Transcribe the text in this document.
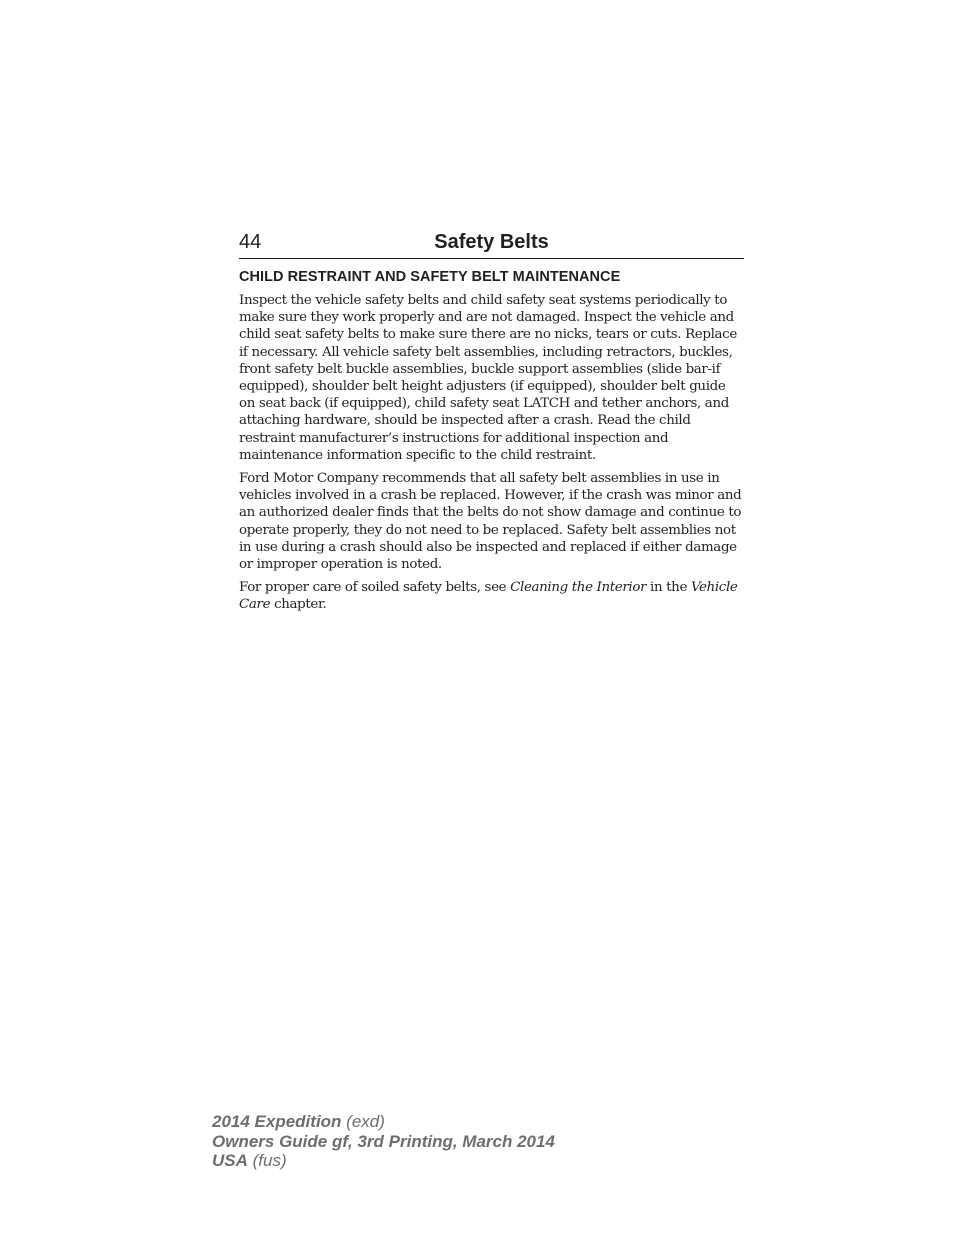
44	Safety Belts
CHILD RESTRAINT AND SAFETY BELT MAINTENANCE

Inspect the vehicle safety belts and child safety seat systems periodically to make sure they work properly and are not damaged. Inspect the vehicle and child seat safety belts to make sure there are no nicks, tears or cuts. Replace if necessary. All vehicle safety belt assemblies, including retractors, buckles, front safety belt buckle assemblies, buckle support assemblies (slide bar-if equipped), shoulder belt height adjusters (if equipped), shoulder belt guide on seat back (if equipped), child safety seat LATCH and tether anchors, and attaching hardware, should be inspected after a crash. Read the child restraint manufacturer’s instructions for additional inspection and maintenance information specific to the child restraint.

Ford Motor Company recommends that all safety belt assemblies in use in vehicles involved in a crash be replaced. However, if the crash was minor and an authorized dealer finds that the belts do not show damage and continue to operate properly, they do not need to be replaced. Safety belt assemblies not in use during a crash should also be inspected and replaced if either damage or improper operation is noted.

For proper care of soiled safety belts, see Cleaning the Interior in the Vehicle Care chapter.

2014 Expedition (exd)
Owners Guide gf, 3rd Printing, March 2014
USA (fus)
